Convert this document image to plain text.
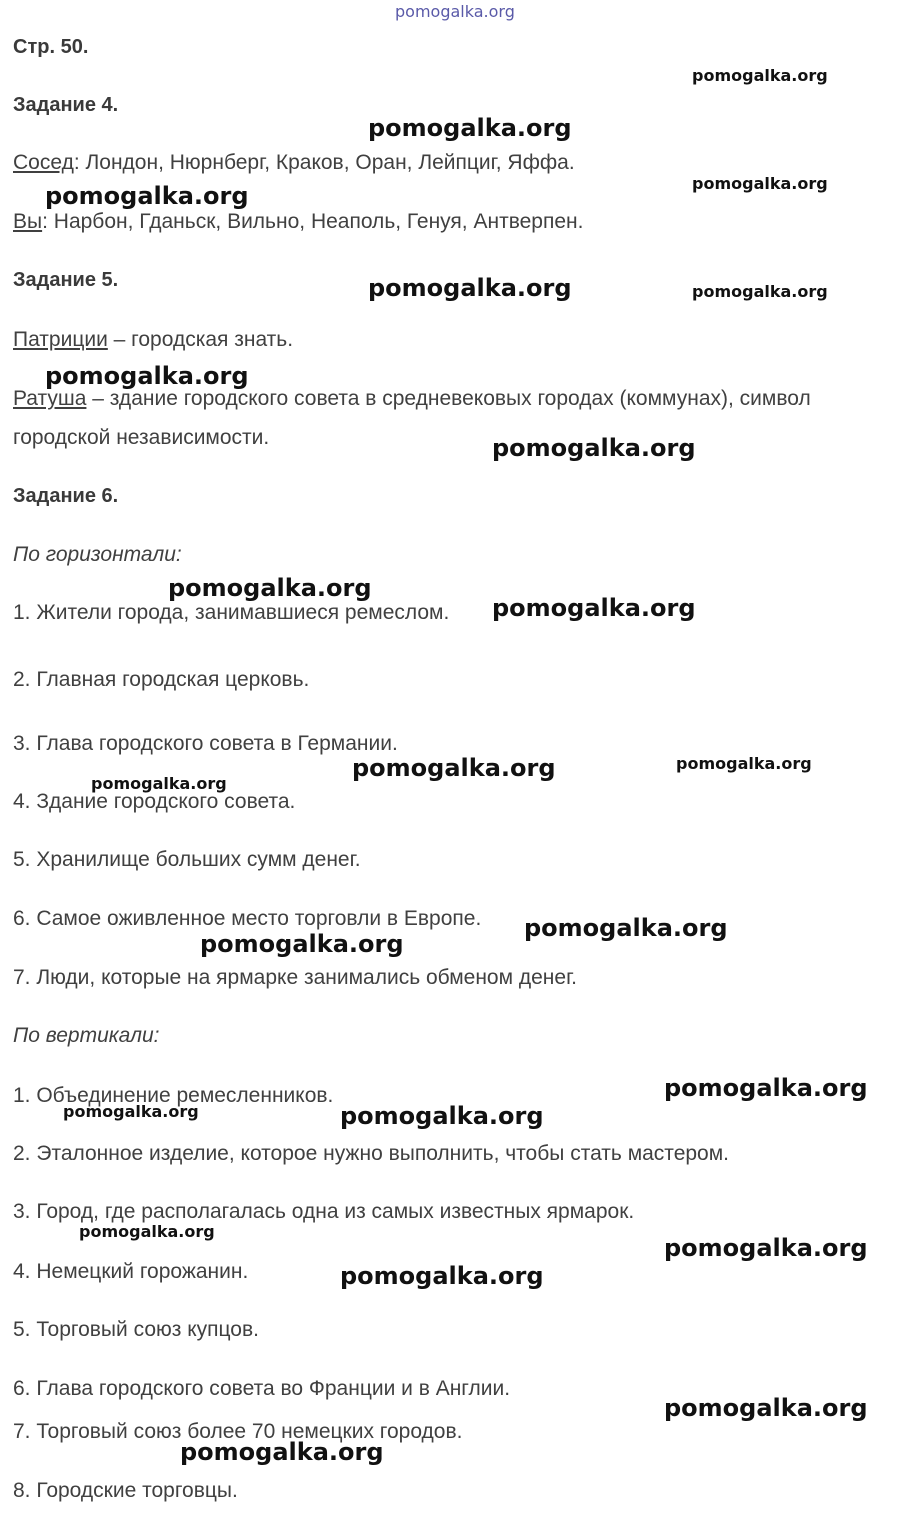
pomogalka.org
Стр. 50.
Задание 4.
Сосед: Лондон, Нюрнберг, Краков, Оран, Лейпциг, Яффа.
Вы: Нарбон, Гданьск, Вильно, Неаполь, Генуя, Антверпен.
Задание 5.
Патриции – городская знать.
Ратуша – здание городского совета в средневековых городах (коммунах), символ
городской независимости.
Задание 6.
По горизонтали:
1. Жители города, занимавшиеся ремеслом.
2. Главная городская церковь.
3. Глава городского совета в Германии.
4. Здание городского совета.
5. Хранилище больших сумм денег.
6. Самое оживленное место торговли в Европе.
7. Люди, которые на ярмарке занимались обменом денег.
По вертикали:
1. Объединение ремесленников.
2. Эталонное изделие, которое нужно выполнить, чтобы стать мастером.
3. Город, где располагалась одна из самых известных ярмарок.
4. Немецкий горожанин.
5. Торговый союз купцов.
6. Глава городского совета во Франции и в Англии.
7. Торговый союз более 70 немецких городов.
8. Городские торговцы.
pomogalka.org
pomogalka.org
pomogalka.org
pomogalka.org
pomogalka.org	pomogalka.org
pomogalka.org
pomogalka.org
pomogalka.org
pomogalka.org
pomogalka.org
pomogalka.org
pomogalka.org
pomogalka.org
pomogalka.org
pomogalka.org
pomogalka.org	pomogalka.org
pomogalka.org
pomogalka.org
pomogalka.org
pomogalka.org
pomogalka.org
